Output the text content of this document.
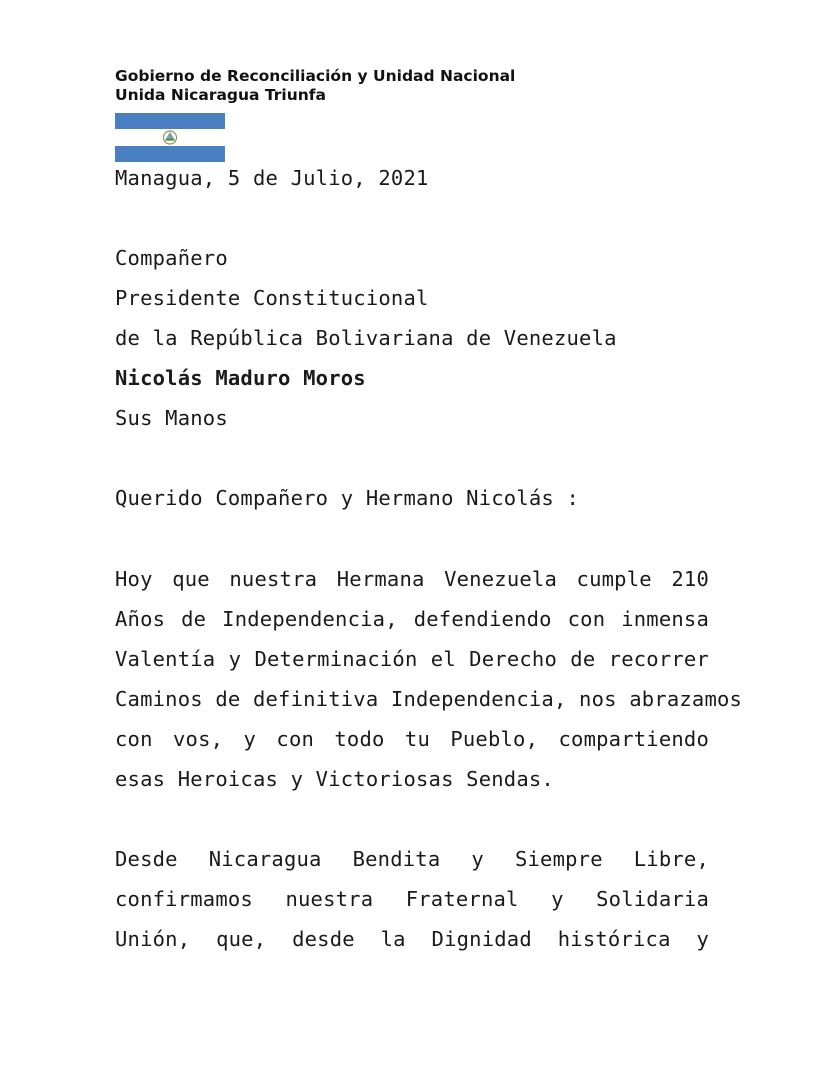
Gobierno de Reconciliación y Unidad Nacional
Unida Nicaragua Triunfa
Managua, 5 de Julio, 2021
Compañero
Presidente Constitucional
de la República Bolivariana de Venezuela
Nicolás Maduro Moros
Sus Manos
Querido Compañero y Hermano Nicolás :
Hoy que nuestra Hermana Venezuela cumple 210
Años de Independencia, defendiendo con inmensa
Valentía y Determinación el Derecho de recorrer
Caminos de definitiva Independencia, nos abrazamos
con vos, y con todo tu Pueblo, compartiendo
esas Heroicas y Victoriosas Sendas.
Desde Nicaragua Bendita y Siempre Libre,
confirmamos nuestra Fraternal y Solidaria
Unión, que, desde la Dignidad histórica y
